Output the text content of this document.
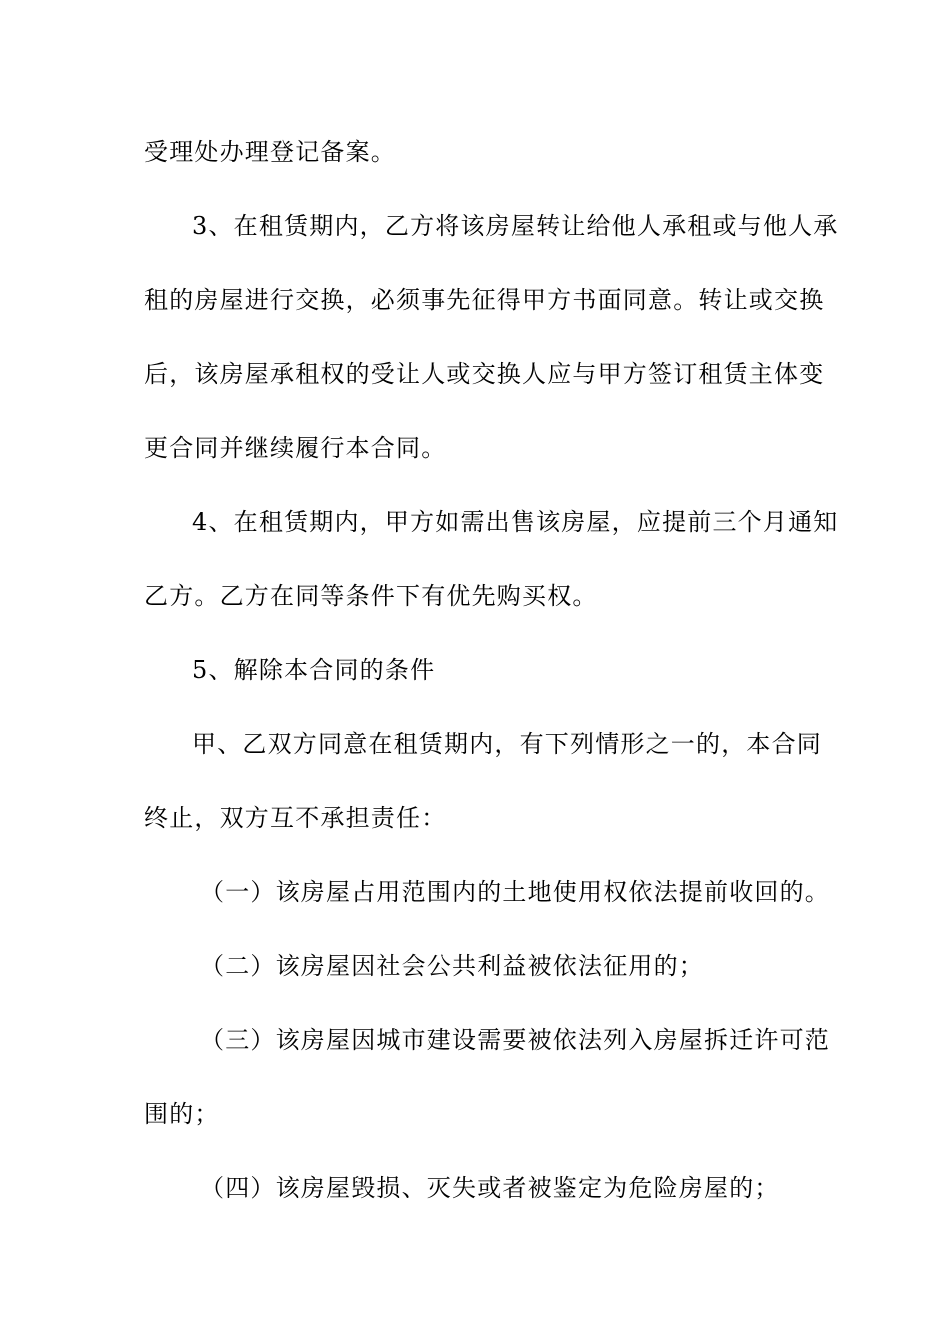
受理处办理登记备案。
3、在租赁期内，乙方将该房屋转让给他人承租或与他人承
租的房屋进行交换，必须事先征得甲方书面同意。转让或交换
后，该房屋承租权的受让人或交换人应与甲方签订租赁主体变
更合同并继续履行本合同。
4、在租赁期内，甲方如需出售该房屋，应提前三个月通知
乙方。乙方在同等条件下有优先购买权。
5、解除本合同的条件
甲、乙双方同意在租赁期内，有下列情形之一的，本合同
终止，双方互不承担责任：
（一）该房屋占用范围内的土地使用权依法提前收回的。
（二）该房屋因社会公共利益被依法征用的；
（三）该房屋因城市建设需要被依法列入房屋拆迁许可范
围的；
（四）该房屋毁损、灭失或者被鉴定为危险房屋的；
